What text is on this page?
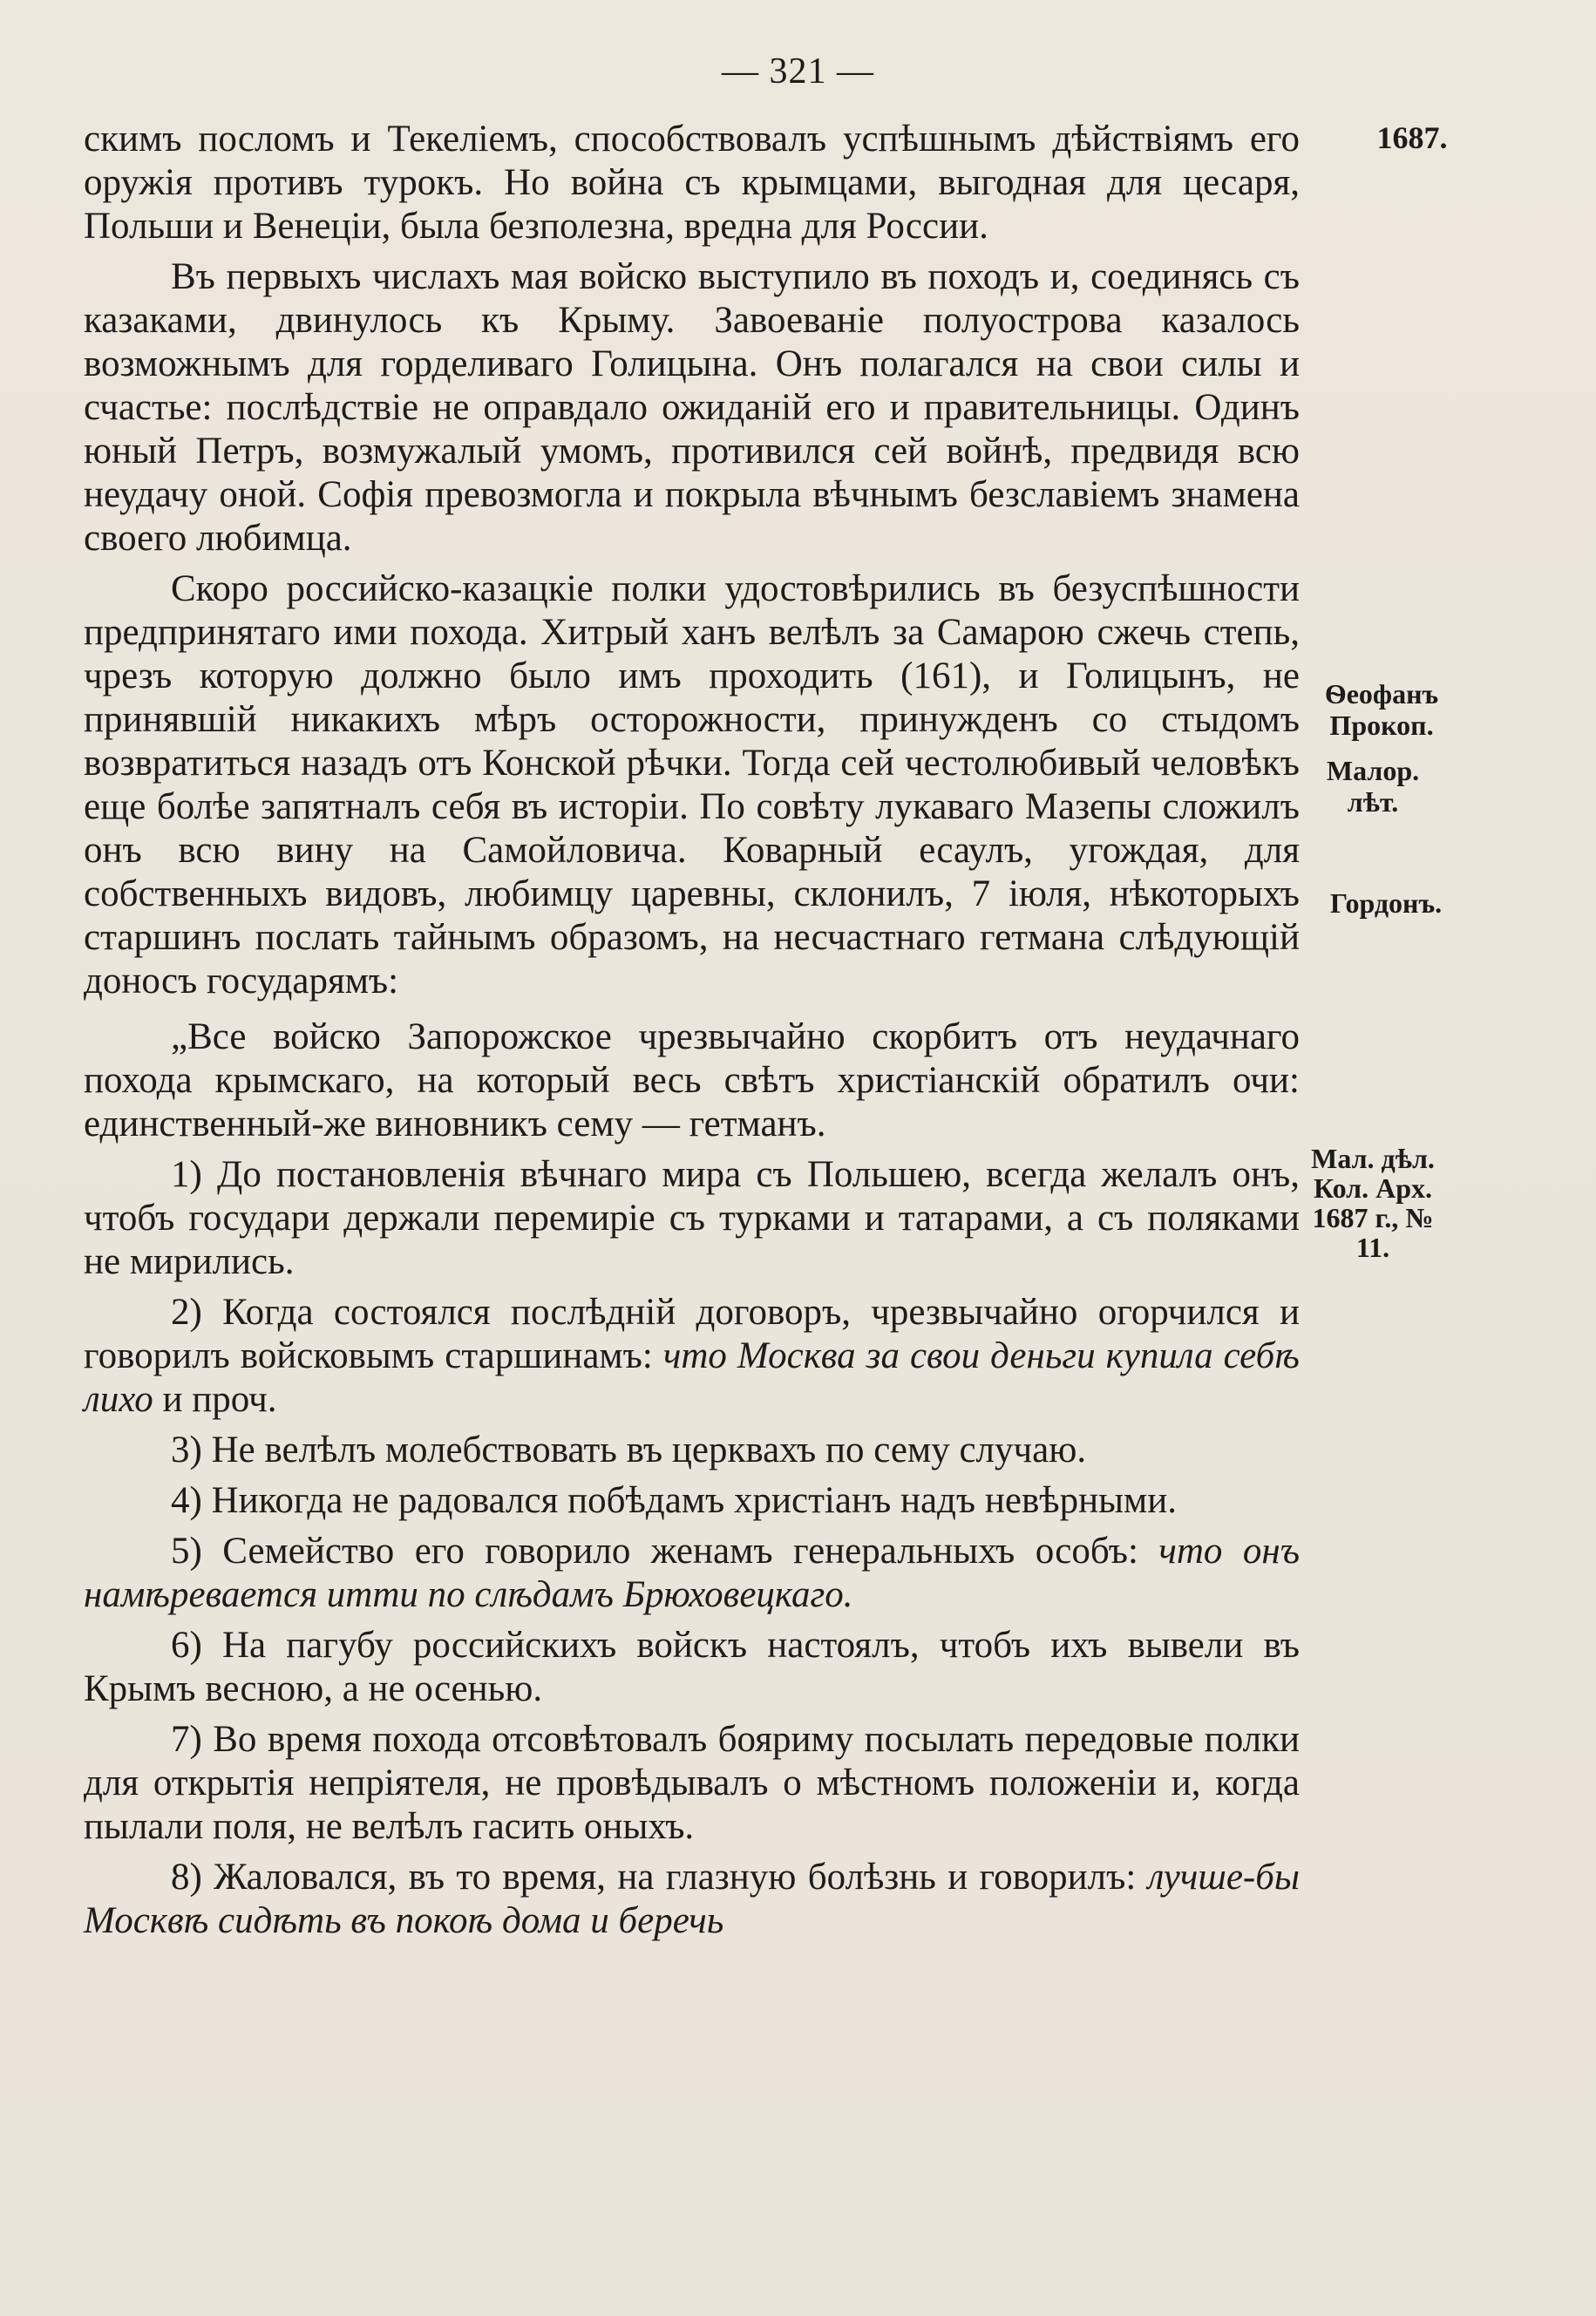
— 321 —
1687.
Ѳеофанъ Прокоп.
Малор. лѣт.
Гордонъ.
Мал. дѣл. Кол. Арх. 1687 г., № 11.

скимъ посломъ и Текеліемъ, способствовалъ успѣшнымъ дѣйствіямъ его оружія противъ турокъ. Но война съ крымцами, выгодная для цесаря, Польши и Венеціи, была безполезна, вредна для России.

Въ первыхъ числахъ мая войско выступило въ походъ и, соединясь съ казаками, двинулось къ Крыму. Завоеваніе полуострова казалось возможнымъ для горделиваго Голицына. Онъ полагался на свои силы и счастье: послѣдствіе не оправдало ожиданій его и правительницы. Одинъ юный Петръ, возмужалый умомъ, противился сей войнѣ, предвидя всю неудачу оной. Софія превозмогла и покрыла вѣчнымъ безславіемъ знамена своего любимца.

Скоро российско-казацкіе полки удостовѣрились въ безуспѣшности предпринятаго ими похода. Хитрый ханъ велѣлъ за Самарою сжечь степь, чрезъ которую должно было имъ проходить (161), и Голицынъ, не принявшій никакихъ мѣръ осторожности, принужденъ со стыдомъ возвратиться назадъ отъ Конской рѣчки. Тогда сей честолюбивый человѣкъ еще болѣе запятналъ себя въ исторіи. По совѣту лукаваго Мазепы сложилъ онъ всю вину на Самойловича. Коварный есаулъ, угождая, для собственныхъ видовъ, любимцу царевны, склонилъ, 7 іюля, нѣкоторыхъ старшинъ послать тайнымъ образомъ, на несчастнаго гетмана слѣдующій доносъ государямъ:

„Все войско Запорожское чрезвычайно скорбитъ отъ неудачнаго похода крымскаго, на который весь свѣтъ христіанскій обратилъ очи: единственный-же виновникъ сему — гетманъ.

1) До постановленія вѣчнаго мира съ Польшею, всегда желалъ онъ, чтобъ государи держали перемиріе съ турками и татарами, а съ поляками не мирились.

2) Когда состоялся послѣдній договоръ, чрезвычайно огорчился и говорилъ войсковымъ старшинамъ: что Москва за свои деньги купила себѣ лихо и проч.

3) Не велѣлъ молебствовать въ церквахъ по сему случаю.

4) Никогда не радовался побѣдамъ христіанъ надъ невѣрными.

5) Семейство его говорило женамъ генеральныхъ особъ: что онъ намѣревается итти по слѣдамъ Брюховецкаго.

6) На пагубу российскихъ войскъ настоялъ, чтобъ ихъ вывели въ Крымъ весною, а не осенью.

7) Во время похода отсовѣтовалъ бояриму посылать передовые полки для открытія непріятеля, не провѣдывалъ о мѣстномъ положеніи и, когда пылали поля, не велѣлъ гасить оныхъ.

8) Жаловался, въ то время, на глазную болѣзнь и говорилъ: лучше-бы Москвѣ сидѣть въ покоѣ дома и беречь
